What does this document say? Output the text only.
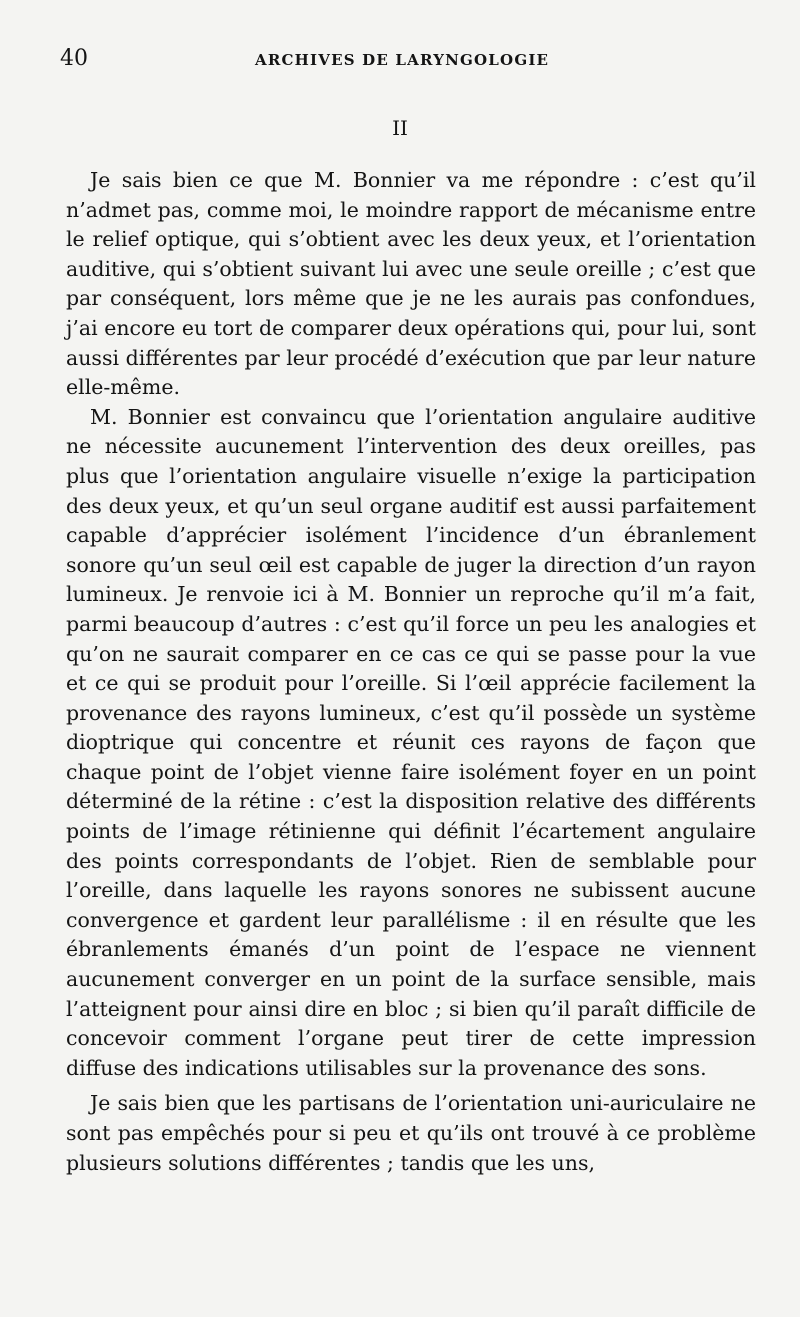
40	ARCHIVES DE LARYNGOLOGIE
II

Je sais bien ce que M. Bonnier va me répondre : c’est qu’il n’admet pas, comme moi, le moindre rapport de mécanisme entre le relief optique, qui s’obtient avec les deux yeux, et l’orientation auditive, qui s’obtient suivant lui avec une seule oreille ; c’est que par conséquent, lors même que je ne les aurais pas confondues, j’ai encore eu tort de comparer deux opérations qui, pour lui, sont aussi différentes par leur procédé d’exécution que par leur nature elle-même.

M. Bonnier est convaincu que l’orientation angulaire auditive ne nécessite aucunement l’intervention des deux oreilles, pas plus que l’orientation angulaire visuelle n’exige la participation des deux yeux, et qu’un seul organe auditif est aussi parfaitement capable d’apprécier isolément l’incidence d’un ébranlement sonore qu’un seul œil est capable de juger la direction d’un rayon lumineux. Je renvoie ici à M. Bonnier un reproche qu’il m’a fait, parmi beaucoup d’autres : c’est qu’il force un peu les analogies et qu’on ne saurait comparer en ce cas ce qui se passe pour la vue et ce qui se produit pour l’oreille. Si l’œil apprécie facilement la provenance des rayons lumineux, c’est qu’il possède un système dioptrique qui concentre et réunit ces rayons de façon que chaque point de l’objet vienne faire isolément foyer en un point déterminé de la rétine : c’est la disposition relative des différents points de l’image rétinienne qui définit l’écartement angulaire des points correspondants de l’objet. Rien de semblable pour l’oreille, dans laquelle les rayons sonores ne subissent aucune convergence et gardent leur parallélisme : il en résulte que les ébranlements émanés d’un point de l’espace ne viennent aucunement converger en un point de la surface sensible, mais l’atteignent pour ainsi dire en bloc ; si bien qu’il paraît difficile de concevoir comment l’organe peut tirer de cette impression diffuse des indications utilisables sur la provenance des sons.

Je sais bien que les partisans de l’orientation uni-auriculaire ne sont pas empêchés pour si peu et qu’ils ont trouvé à ce problème plusieurs solutions différentes ; tandis que les uns,
